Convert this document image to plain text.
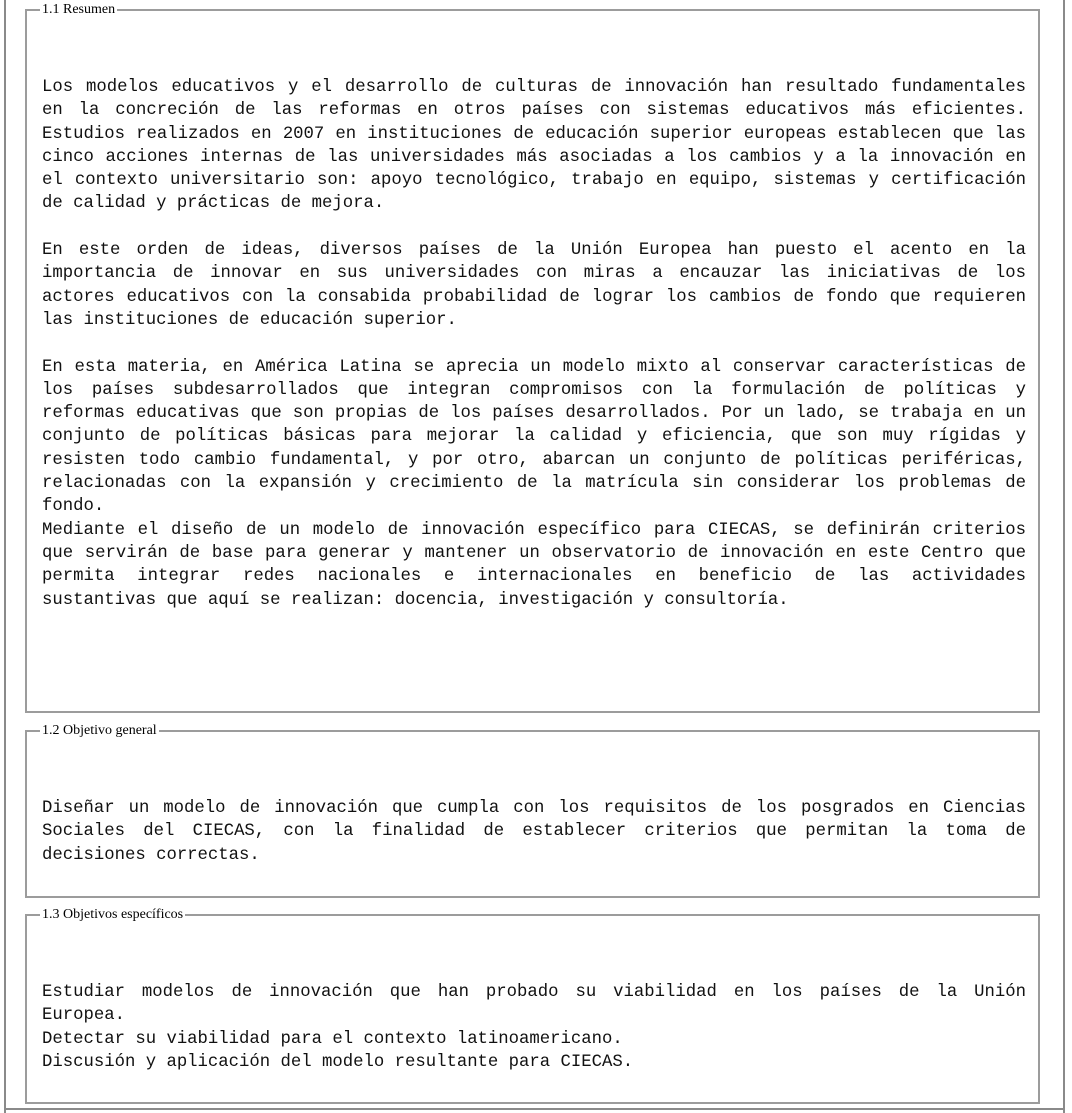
1.1 Resumen

Los modelos educativos y el desarrollo de culturas de innovación han resultado fundamentales en la concreción de las reformas en otros países con sistemas educativos más eficientes. Estudios realizados en 2007 en instituciones de educación superior europeas establecen que las cinco acciones internas de las universidades más asociadas a los cambios y a la innovación en el contexto universitario son: apoyo tecnológico, trabajo en equipo, sistemas y certificación de calidad y prácticas de mejora.

En este orden de ideas, diversos países de la Unión Europea han puesto el acento en la importancia de innovar en sus universidades con miras a encauzar las iniciativas de los actores educativos con la consabida probabilidad de lograr los cambios de fondo que requieren las instituciones de educación superior.

En esta materia, en América Latina se aprecia un modelo mixto al conservar características de los países subdesarrollados que integran compromisos con la formulación de políticas y reformas educativas que son propias de los países desarrollados. Por un lado, se trabaja en un conjunto de políticas básicas para mejorar la calidad y eficiencia, que son muy rígidas y resisten todo cambio fundamental, y por otro, abarcan un conjunto de políticas periféricas, relacionadas con la expansión y crecimiento de la matrícula sin considerar los problemas de fondo.

Mediante el diseño de un modelo de innovación específico para CIECAS, se definirán criterios que servirán de base para generar y mantener un observatorio de innovación en este Centro que permita integrar redes nacionales e internacionales en beneficio de las actividades sustantivas que aquí se realizan: docencia, investigación y consultoría.

1.2 Objetivo general

Diseñar un modelo de innovación que cumpla con los requisitos de los posgrados en Ciencias Sociales del CIECAS, con la finalidad de establecer criterios que permitan la toma de decisiones correctas.

1.3 Objetivos específicos

Estudiar modelos de innovación que han probado su viabilidad en los países de la Unión Europea.

Detectar su viabilidad para el contexto latinoamericano.

Discusión y aplicación del modelo resultante para CIECAS.
